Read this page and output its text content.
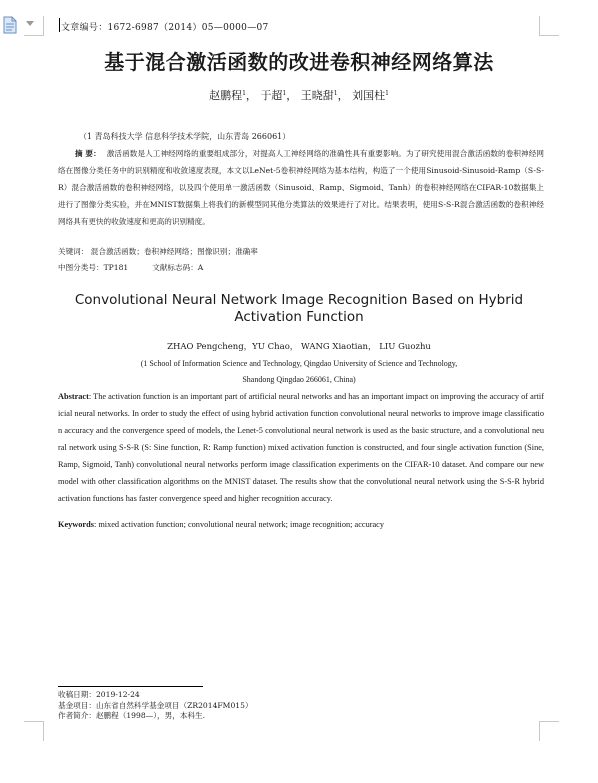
文章编号：1672-6987（2014）05—0000—07
基于混合激活函数的改进卷积神经网络算法
赵鹏程$^1$， 于超$^1$， 王晓甜$^1$， 刘国柱$^1$
（1 青岛科技大学 信息科学技术学院，山东青岛 266061）
摘 要： 激活函数是人工神经网络的重要组成部分，对提高人工神经网络的准确性具有重要影响。为了研究使用混合激活函数的卷积神经网络在图像分类任务中的识别精度和收敛速度表现，本文以LeNet-5卷积神经网络为基本结构，构造了一个使用Sinusoid-Sinusoid-Ramp（S-S-R）混合激活函数的卷积神经网络，以及四个使用单一激活函数（Sinusoid、Ramp、Sigmoid、Tanh）的卷积神经网络在CIFAR-10数据集上进行了图像分类实验，并在MNIST数据集上将我们的新模型同其他分类算法的效果进行了对比。结果表明，使用S-S-R混合激活函数的卷积神经网络具有更快的收敛速度和更高的识别精度。
关键词： 混合激活函数；卷积神经网络；图像识别；准确率
中图分类号：TP181	文献标志码：A
Convolutional Neural Network Image Recognition Based on Hybrid Activation Function
ZHAO Pengcheng，YU Chao， WANG Xiaotian， LIU Guozhu
(1 School of Information Science and Technology, Qingdao University of Science and Technology,
Shandong Qingdao 266061, China)
Abstract: The activation function is an important part of artificial neural networks and has an important impact on improving the accuracy of artificial neural networks. In order to study the effect of using hybrid activation function convolutional neural networks to improve image classification accuracy and the convergence speed of models, the Lenet-5 convolutional neural network is used as the basic structure, and a convolutional neural network using S-S-R (S: Sine function, R: Ramp function) mixed activation function is constructed, and four single activation function (Sine, Ramp, Sigmoid, Tanh) convolutional neural networks perform image classification experiments on the CIFAR-10 dataset. And compare our new model with other classification algorithms on the MNIST dataset. The results show that the convolutional neural network using the S-S-R hybrid activation functions has faster convergence speed and higher recognition accuracy.
Keywords: mixed activation function; convolutional neural network; image recognition; accuracy
收稿日期：2019-12-24
基金项目：山东省自然科学基金项目（ZR2014FM015）
作者简介：赵鹏程（1998—），男，本科生.
